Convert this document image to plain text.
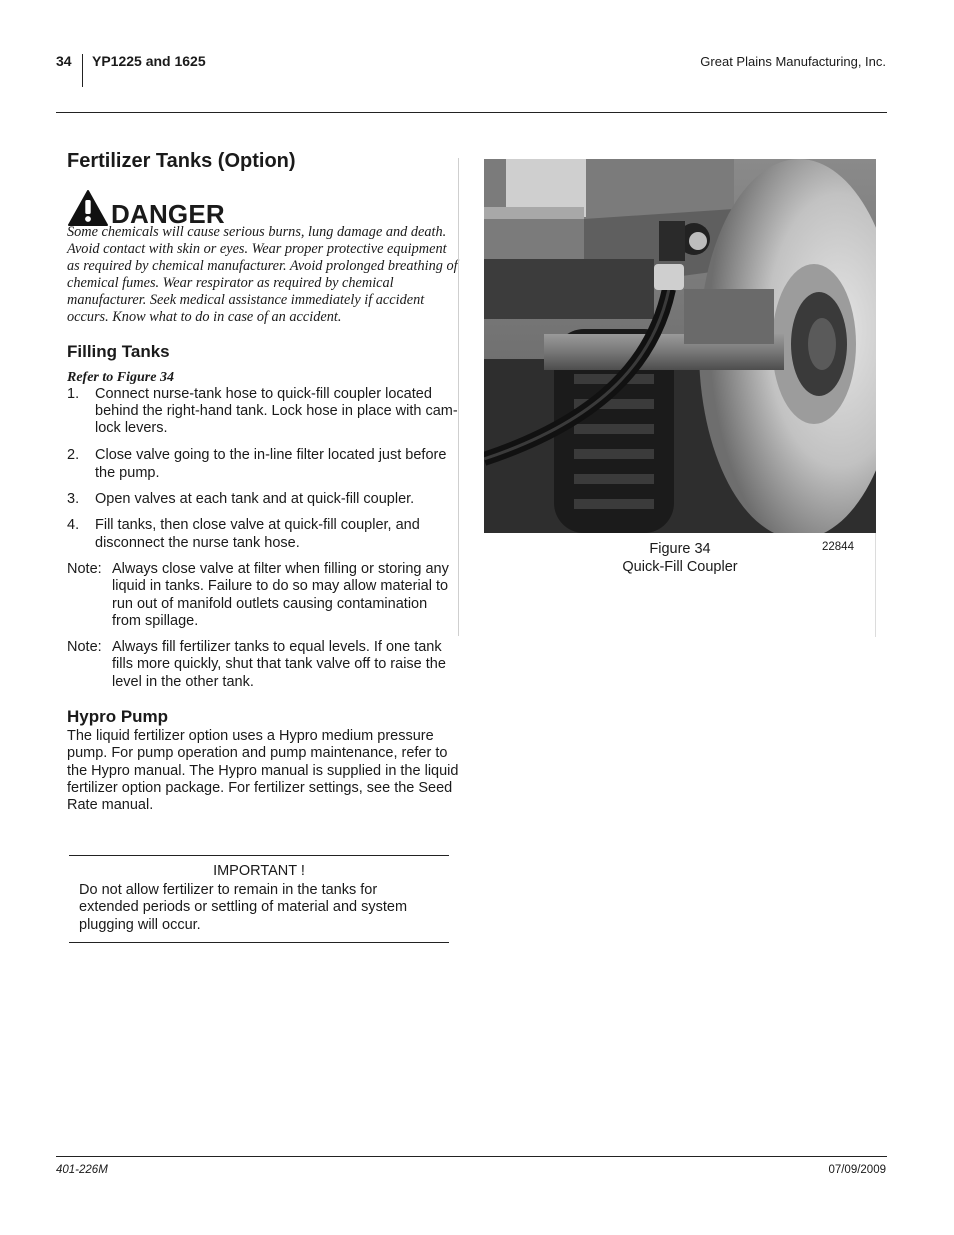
34 YP1225 and 1625	Great Plains Manufacturing, Inc.
Fertilizer Tanks (Option)
DANGER

Some chemicals will cause serious burns, lung damage and death. Avoid contact with skin or eyes. Wear proper protective equipment as required by chemical manufacturer. Avoid prolonged breathing of chemical fumes. Wear respirator as required by chemical manufacturer. Seek medical assistance immediately if accident occurs. Know what to do in case of an accident.

Filling Tanks
Refer to Figure 34
1.	Connect nurse-tank hose to quick-fill coupler located behind the right-hand tank. Lock hose in place with cam-lock levers.
2.	Close valve going to the in-line filter located just before the pump.
3.	Open valves at each tank and at quick-fill coupler.
4.	Fill tanks, then close valve at quick-fill coupler, and disconnect the nurse tank hose.
Note: Always close valve at filter when filling or storing any liquid in tanks. Failure to do so may allow material to run out of manifold outlets causing contamination from spillage.
Note: Always fill fertilizer tanks to equal levels. If one tank fills more quickly, shut that tank valve off to raise the level in the other tank.
Hypro Pump

The liquid fertilizer option uses a Hypro medium pressure pump. For pump operation and pump maintenance, refer to the Hypro manual. The Hypro manual is supplied in the liquid fertilizer option package. For fertilizer settings, see the Seed Rate manual.

IMPORTANT !
Do not allow fertilizer to remain in the tanks for extended periods or settling of material and system plugging will occur.
Figure 34
Quick-Fill Coupler
22844
401-226M	07/09/2009
